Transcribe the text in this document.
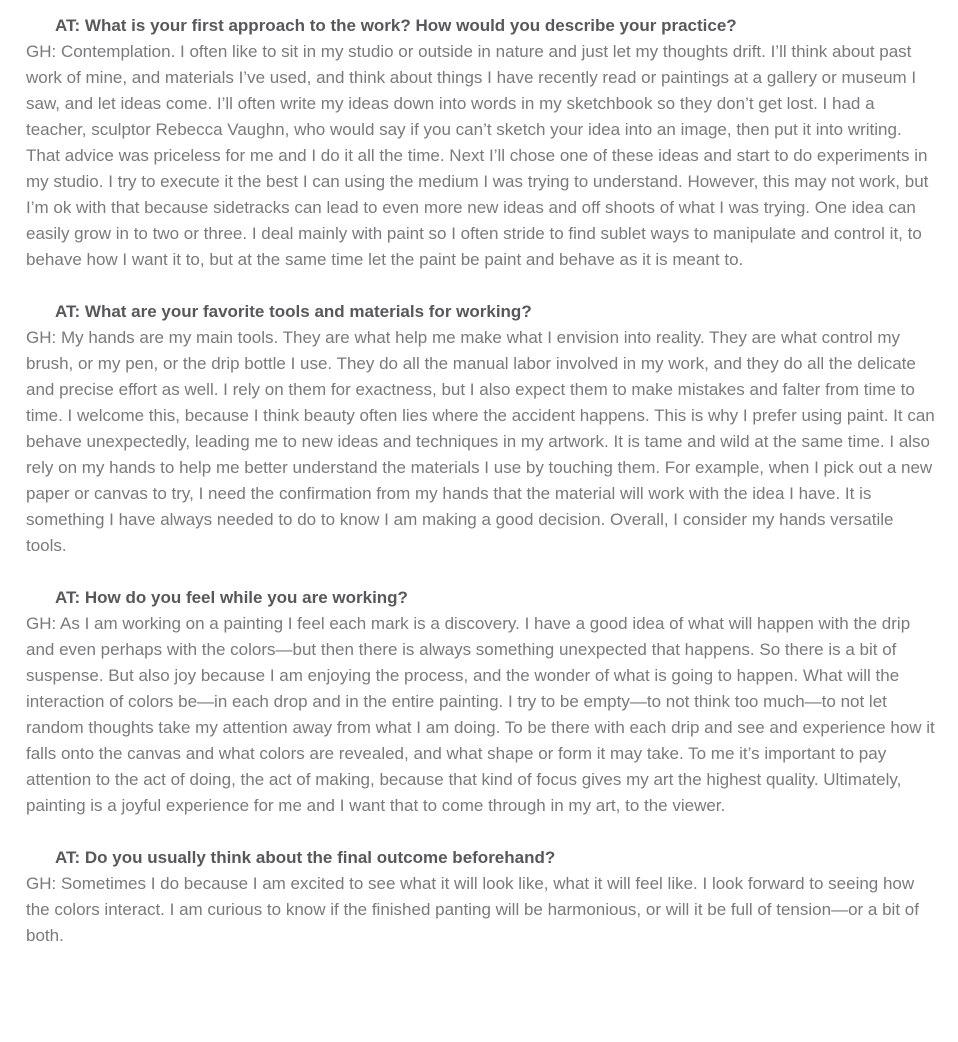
AT: What is your first approach to the work? How would you describe your practice?

GH: Contemplation. I often like to sit in my studio or outside in nature and just let my thoughts drift. I’ll think about past work of mine, and materials I’ve used, and think about things I have recently read or paintings at a gallery or museum I saw, and let ideas come. I’ll often write my ideas down into words in my sketchbook so they don’t get lost. I had a teacher, sculptor Rebecca Vaughn, who would say if you can’t sketch your idea into an image, then put it into writing. That advice was priceless for me and I do it all the time. Next I’ll chose one of these ideas and start to do experiments in my studio. I try to execute it the best I can using the medium I was trying to understand. However, this may not work, but I’m ok with that because sidetracks can lead to even more new ideas and off shoots of what I was trying. One idea can easily grow in to two or three. I deal mainly with paint so I often stride to find sublet ways to manipulate and control it, to behave how I want it to, but at the same time let the paint be paint and behave as it is meant to.

AT: What are your favorite tools and materials for working?

GH: My hands are my main tools. They are what help me make what I envision into reality. They are what control my brush, or my pen, or the drip bottle I use. They do all the manual labor involved in my work, and they do all the delicate and precise effort as well. I rely on them for exactness, but I also expect them to make mistakes and falter from time to time. I welcome this, because I think beauty often lies where the accident happens. This is why I prefer using paint. It can behave unexpectedly, leading me to new ideas and techniques in my artwork. It is tame and wild at the same time. I also rely on my hands to help me better understand the materials I use by touching them. For example, when I pick out a new paper or canvas to try, I need the confirmation from my hands that the material will work with the idea I have. It is something I have always needed to do to know I am making a good decision. Overall, I consider my hands versatile tools.

AT: How do you feel while you are working?

GH: As I am working on a painting I feel each mark is a discovery. I have a good idea of what will happen with the drip and even perhaps with the colors—but then there is always something unexpected that happens. So there is a bit of suspense. But also joy because I am enjoying the process, and the wonder of what is going to happen. What will the interaction of colors be—in each drop and in the entire painting. I try to be empty—to not think too much—to not let random thoughts take my attention away from what I am doing. To be there with each drip and see and experience how it falls onto the canvas and what colors are revealed, and what shape or form it may take. To me it’s important to pay attention to the act of doing, the act of making, because that kind of focus gives my art the highest quality. Ultimately, painting is a joyful experience for me and I want that to come through in my art, to the viewer.

AT: Do you usually think about the final outcome beforehand?

GH: Sometimes I do because I am excited to see what it will look like, what it will feel like. I look forward to seeing how the colors interact. I am curious to know if the finished panting will be harmonious, or will it be full of tension—or a bit of both.
